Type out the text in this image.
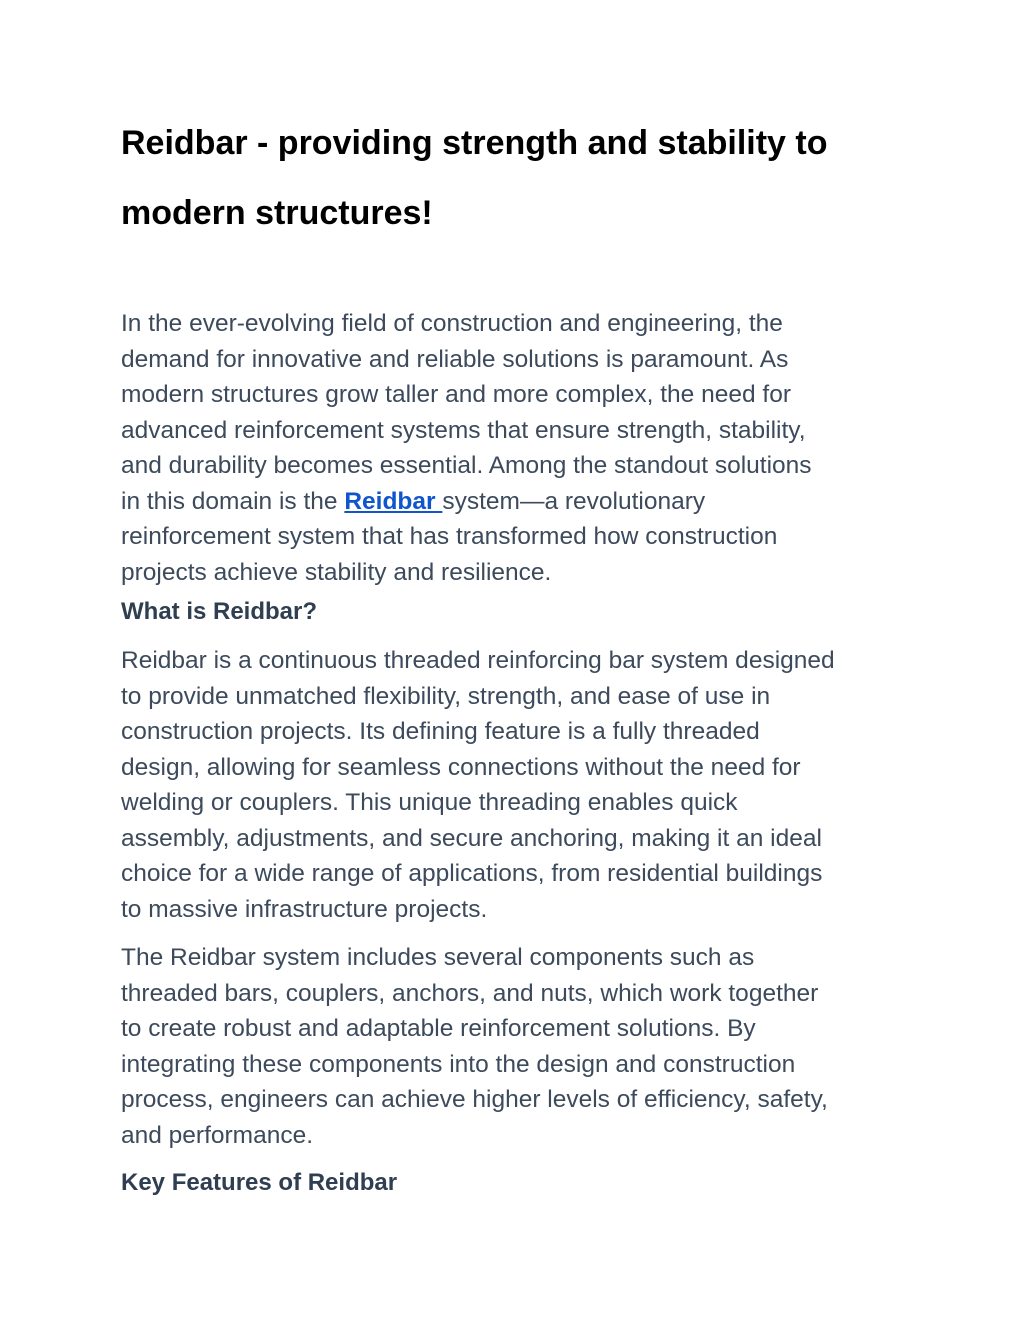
Reidbar - providing strength and stability to
modern structures!

In the ever-evolving field of construction and engineering, the
demand for innovative and reliable solutions is paramount. As
modern structures grow taller and more complex, the need for
advanced reinforcement systems that ensure strength, stability,
and durability becomes essential. Among the standout solutions
in this domain is the Reidbar system—a revolutionary
reinforcement system that has transformed how construction
projects achieve stability and resilience.

What is Reidbar?

Reidbar is a continuous threaded reinforcing bar system designed
to provide unmatched flexibility, strength, and ease of use in
construction projects. Its defining feature is a fully threaded
design, allowing for seamless connections without the need for
welding or couplers. This unique threading enables quick
assembly, adjustments, and secure anchoring, making it an ideal
choice for a wide range of applications, from residential buildings
to massive infrastructure projects.

The Reidbar system includes several components such as
threaded bars, couplers, anchors, and nuts, which work together
to create robust and adaptable reinforcement solutions. By
integrating these components into the design and construction
process, engineers can achieve higher levels of efficiency, safety,
and performance.

Key Features of Reidbar
